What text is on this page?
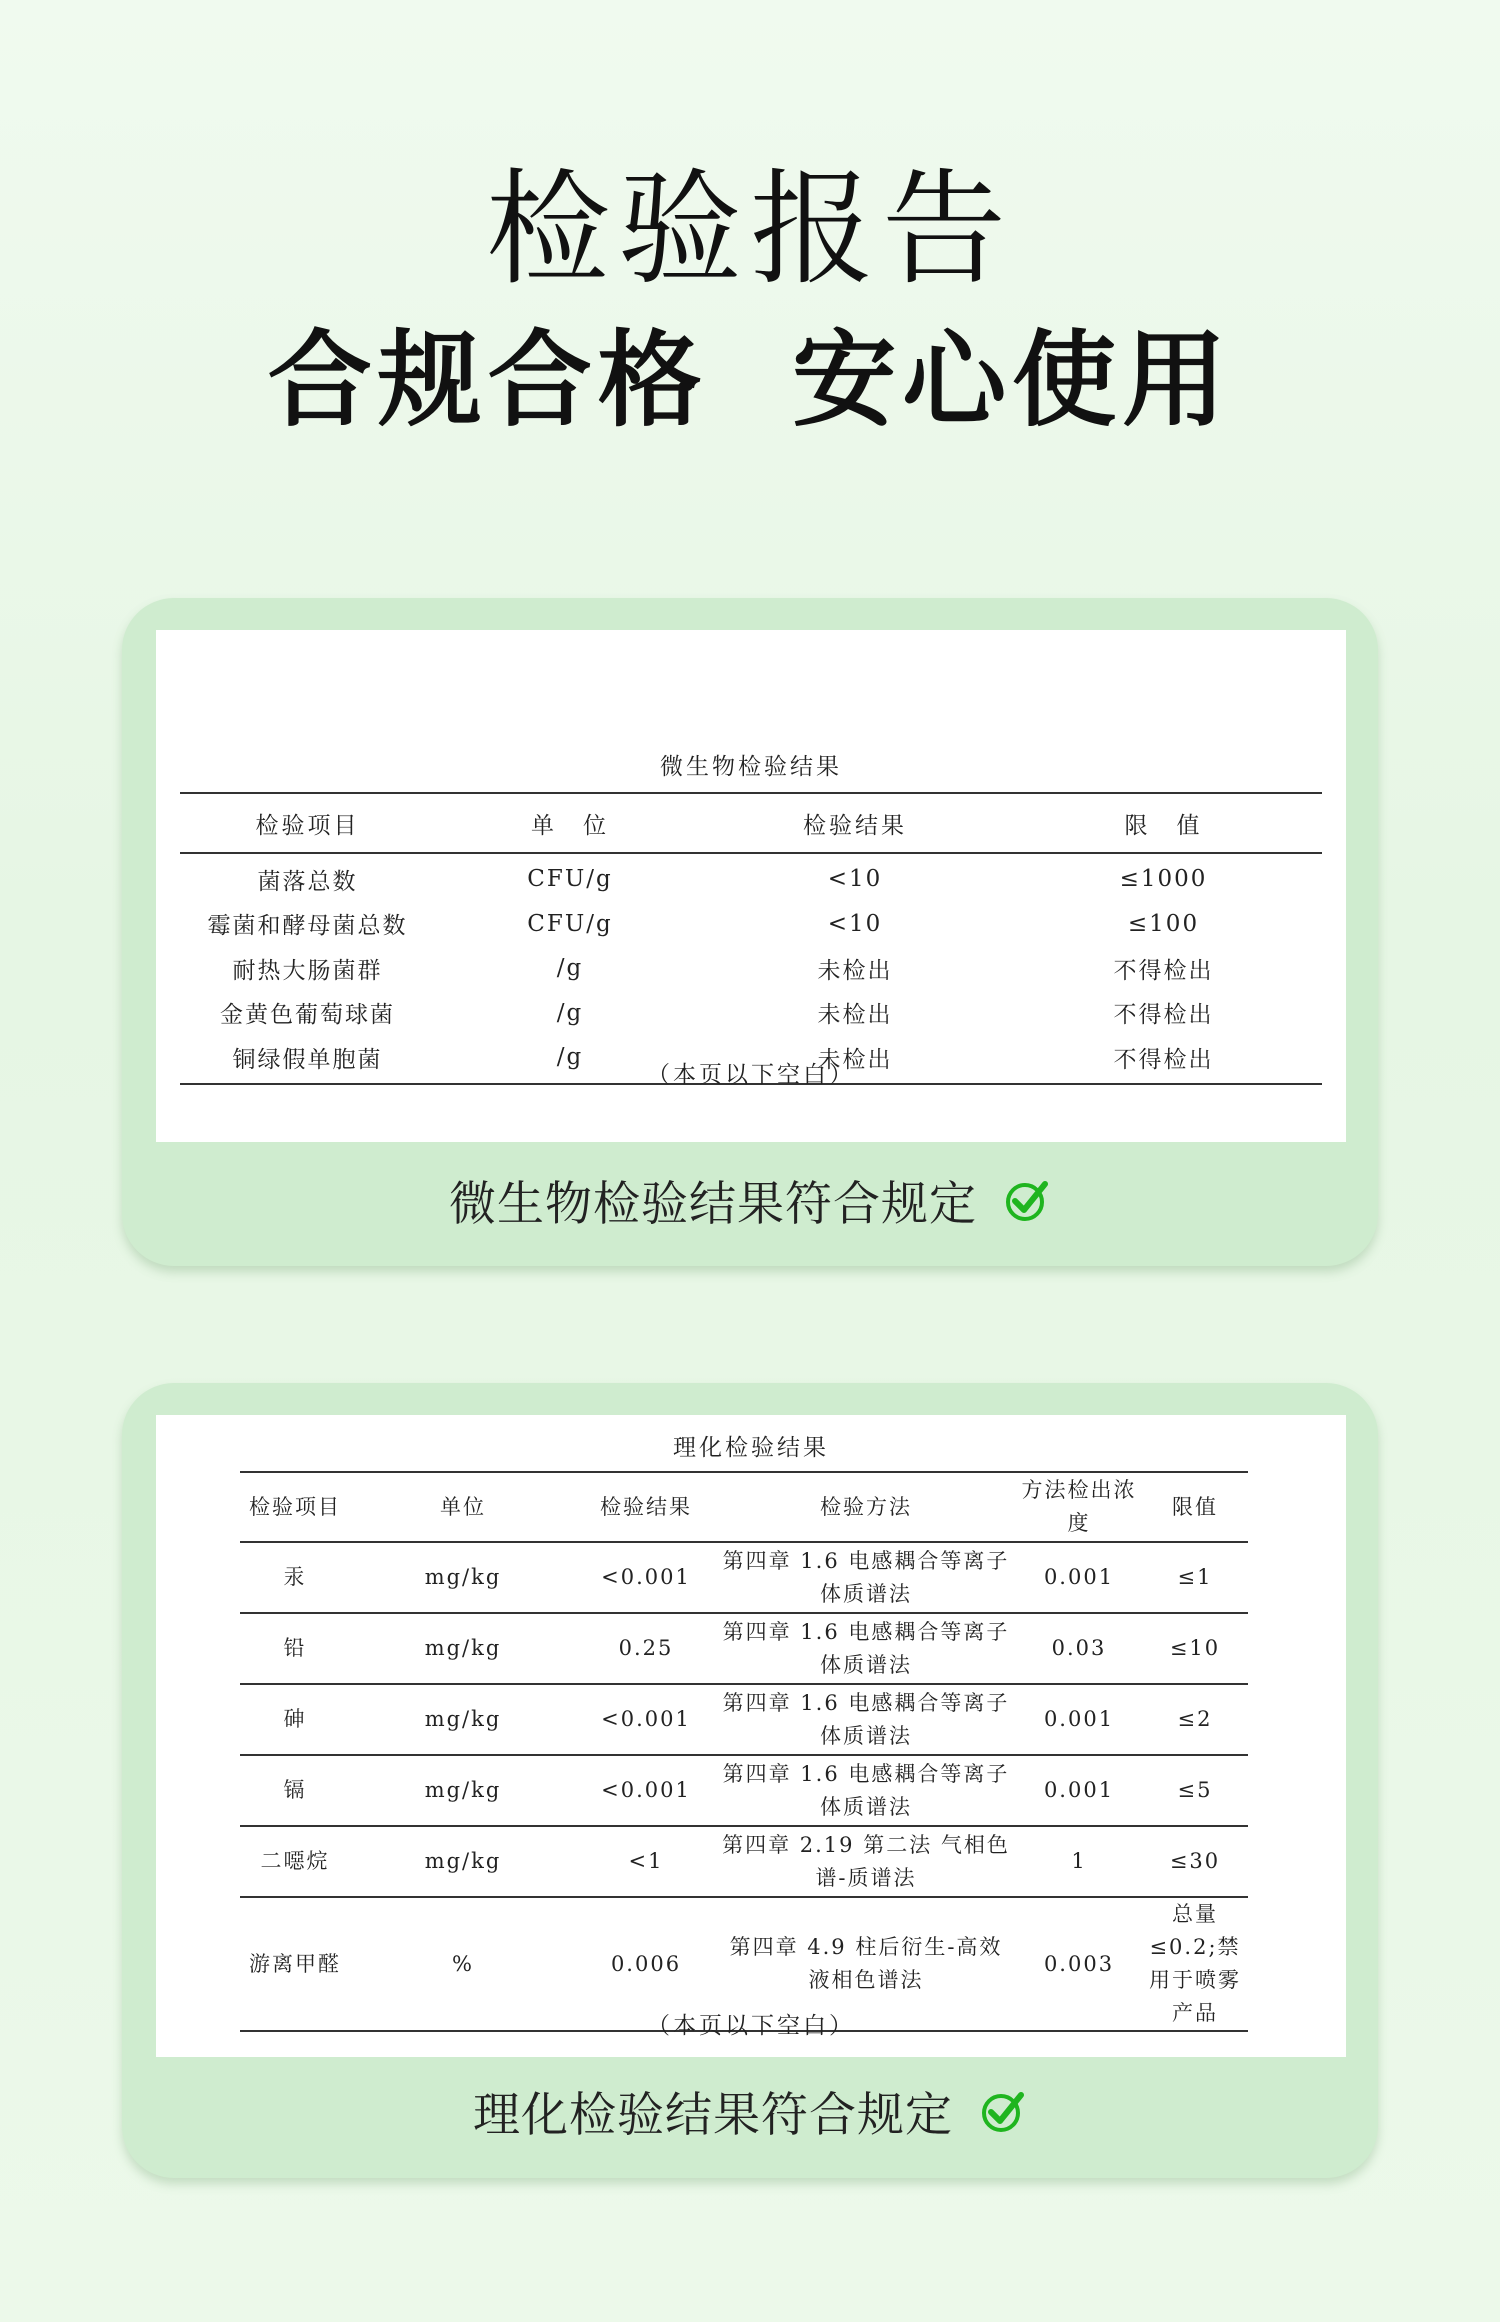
检验报告
合规合格  安心使用
微生物检验结果
检验项目	单　位	检验结果	限　值
菌落总数	CFU/g	<10	≤1000
霉菌和酵母菌总数	CFU/g	<10	≤100
耐热大肠菌群	/g	未检出	不得检出
金黄色葡萄球菌	/g	未检出	不得检出
铜绿假单胞菌	/g	未检出	不得检出
（本页以下空白）
微生物检验结果符合规定
理化检验结果
检验项目	单位	检验结果	检验方法	方法检出浓度	限值
汞	mg/kg	<0.001	第四章 1.6 电感耦合等离子体质谱法	0.001	≤1
铅	mg/kg	0.25	第四章 1.6 电感耦合等离子体质谱法	0.03	≤10
砷	mg/kg	<0.001	第四章 1.6 电感耦合等离子体质谱法	0.001	≤2
镉	mg/kg	<0.001	第四章 1.6 电感耦合等离子体质谱法	0.001	≤5
二噁烷	mg/kg	<1	第四章 2.19 第二法 气相色谱-质谱法	1	≤30
游离甲醛	%	0.006	第四章 4.9 柱后衍生-高效液相色谱法	0.003	总量≤0.2;禁用于喷雾产品
（本页以下空白）
理化检验结果符合规定
